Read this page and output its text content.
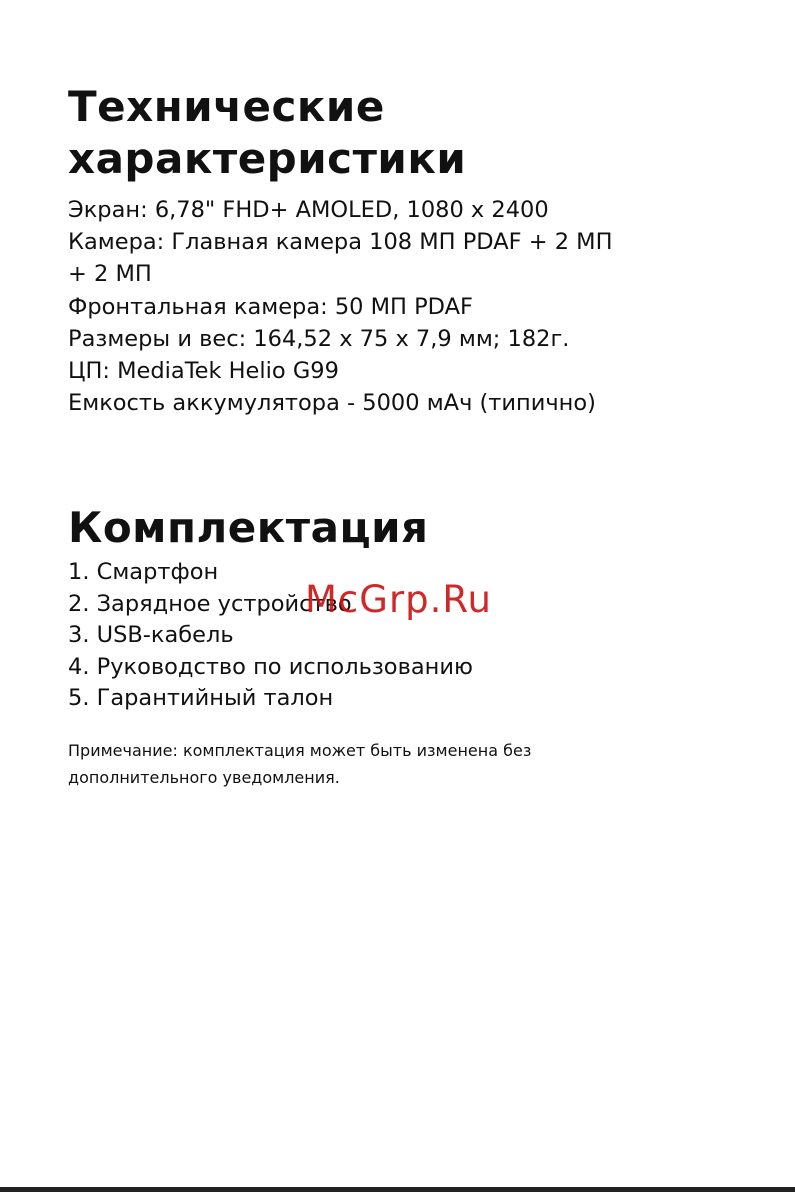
Технические
характеристики
Экран: 6,78" FHD+ AMOLED, 1080 x 2400
Камера: Главная камера 108 МП PDAF + 2 МП
+ 2 МП
Фронтальная камера: 50 МП PDAF
Размеры и вес: 164,52 x 75 x 7,9 мм; 182г.
ЦП: MediaTek Helio G99
Емкость аккумулятора - 5000 мАч (типично)
Комплектация
1. Смартфон
2. Зарядное устройство
3. USB-кабель
4. Руководство по использованию
5. Гарантийный талон

Примечание: комплектация может быть изменена без
дополнительного уведомления.

McGrp.Ru
